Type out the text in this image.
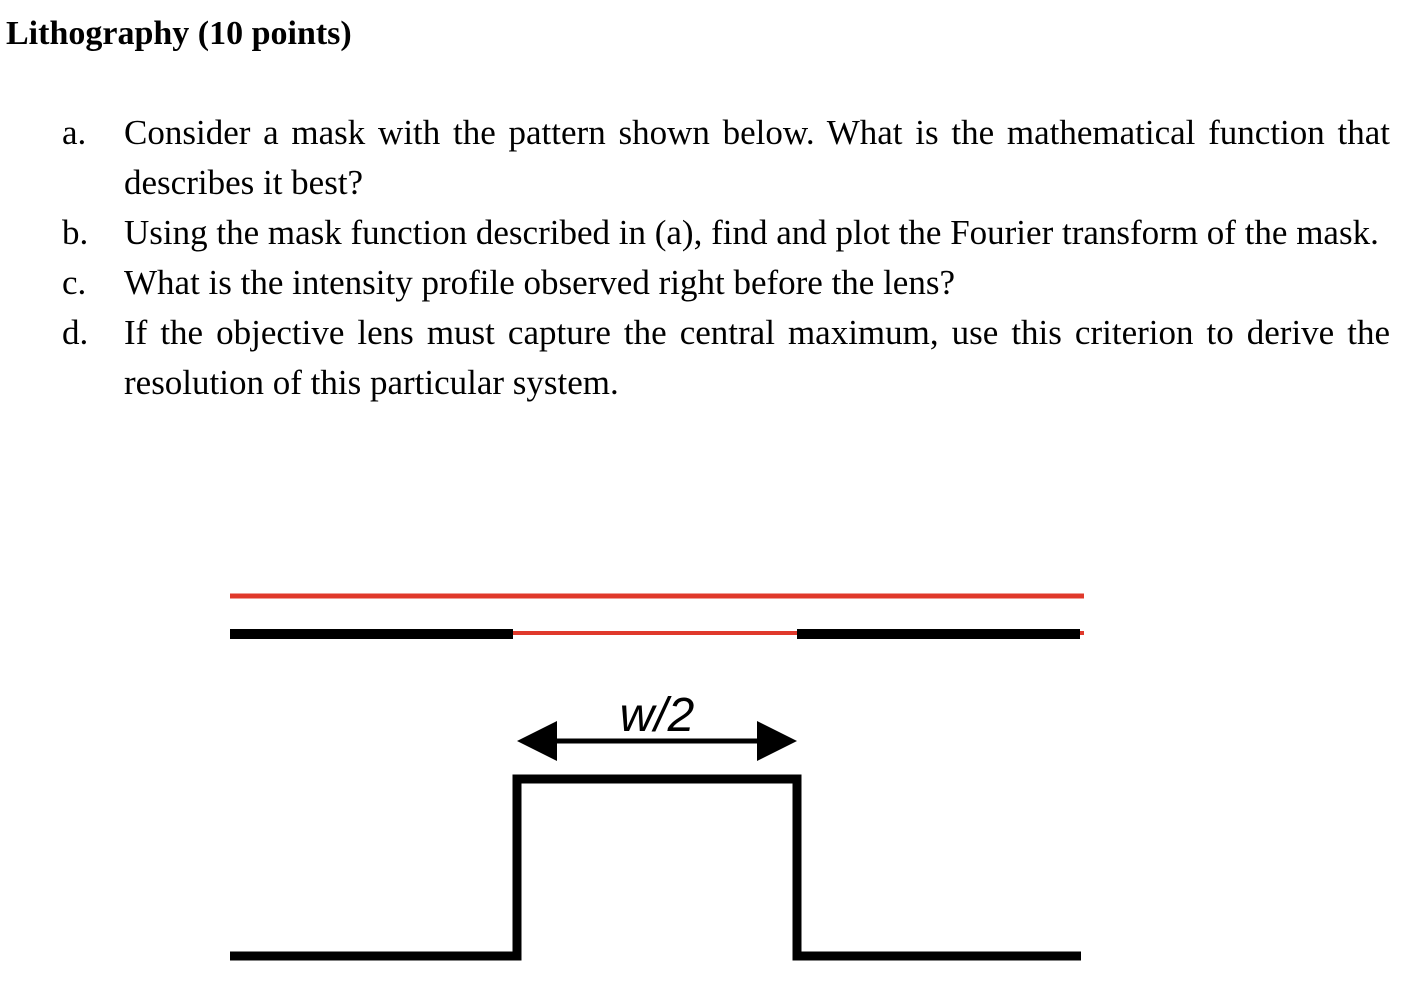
Lithography (10 points)
a.	Consider a mask with the pattern shown below. What is the mathematical function that describes it best?
b.	Using the mask function described in (a), find and plot the Fourier transform of the mask.
c.	What is the intensity profile observed right before the lens?
d.	If the objective lens must capture the central maximum, use this criterion to derive the resolution of this particular system.
w/2
